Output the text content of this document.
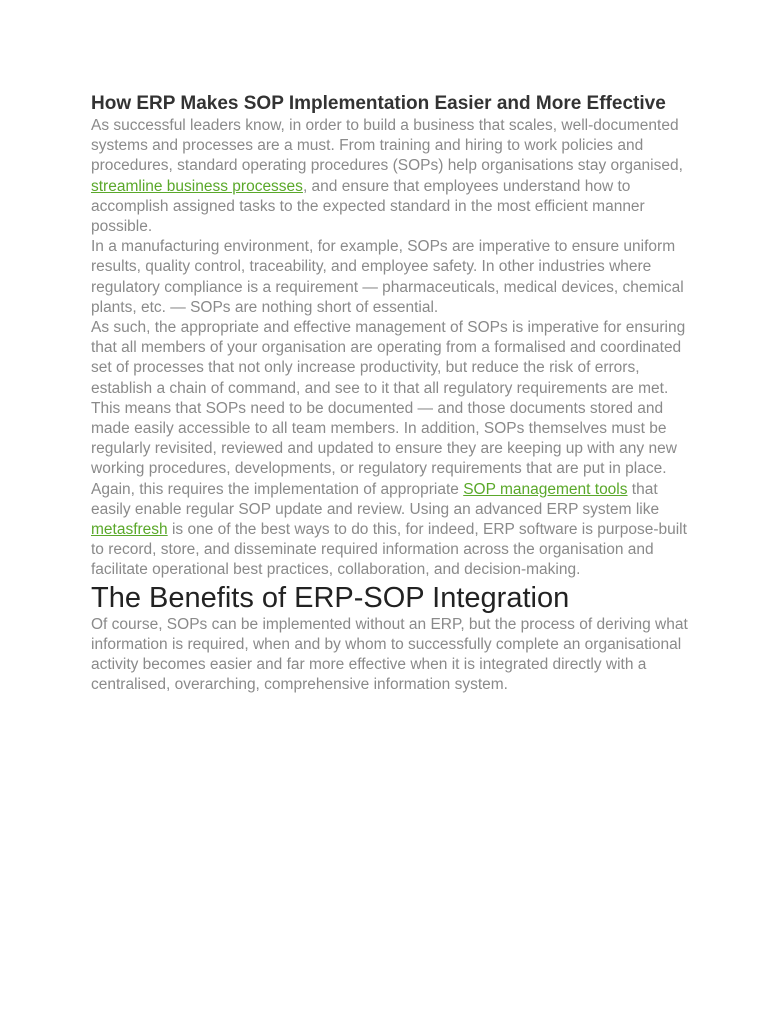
How ERP Makes SOP Implementation Easier and More Effective

As successful leaders know, in order to build a business that scales, well-documented systems and processes are a must. From training and hiring to work policies and procedures, standard operating procedures (SOPs) help organisations stay organised, streamline business processes, and ensure that employees understand how to accomplish assigned tasks to the expected standard in the most efficient manner possible.

In a manufacturing environment, for example, SOPs are imperative to ensure uniform results, quality control, traceability, and employee safety. In other industries where regulatory compliance is a requirement — pharmaceuticals, medical devices, chemical plants, etc. — SOPs are nothing short of essential.

As such, the appropriate and effective management of SOPs is imperative for ensuring that all members of your organisation are operating from a formalised and coordinated set of processes that not only increase productivity, but reduce the risk of errors, establish a chain of command, and see to it that all regulatory requirements are met.

This means that SOPs need to be documented — and those documents stored and made easily accessible to all team members. In addition, SOPs themselves must be regularly revisited, reviewed and updated to ensure they are keeping up with any new working procedures, developments, or regulatory requirements that are put in place. Again, this requires the implementation of appropriate SOP management tools that easily enable regular SOP update and review. Using an advanced ERP system like metasfresh is one of the best ways to do this, for indeed, ERP software is purpose-built to record, store, and disseminate required information across the organisation and facilitate operational best practices, collaboration, and decision-making.

The Benefits of ERP-SOP Integration

Of course, SOPs can be implemented without an ERP, but the process of deriving what information is required, when and by whom to successfully complete an organisational activity becomes easier and far more effective when it is integrated directly with a centralised, overarching, comprehensive information system.
